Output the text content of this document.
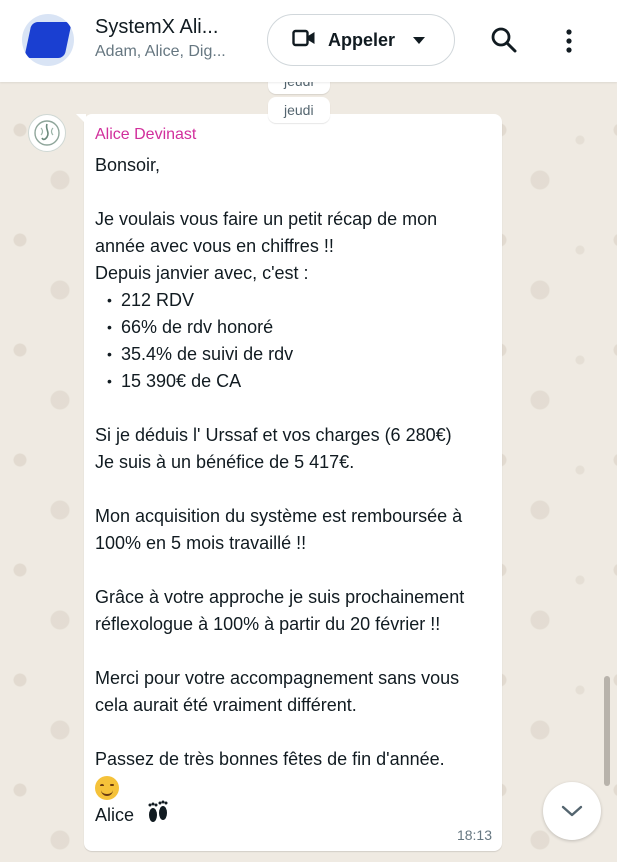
SystemX Ali...
Adam, Alice, Dig...
Appeler
jeudi
Alice Devinast

Bonsoir,

Je voulais vous faire un petit récap de mon

année avec vous en chiffres !!

Depuis janvier avec, c'est :

• 212 RDV
• 66% de rdv honoré
• 35.4% de suivi de rdv
• 15 390€ de CA

Si je déduis l' Urssaf et vos charges (6 280€)

Je suis à un bénéfice de 5 417€.

Mon acquisition du système est remboursée à

100% en 5 mois travaillé !!

Grâce à votre approche je suis prochainement

réflexologue à 100% à partir du 20 février !!

Merci pour votre accompagnement sans vous

cela aurait été vraiment différent.

Passez de très bonnes fêtes de fin d'année.

Alice

18:13
